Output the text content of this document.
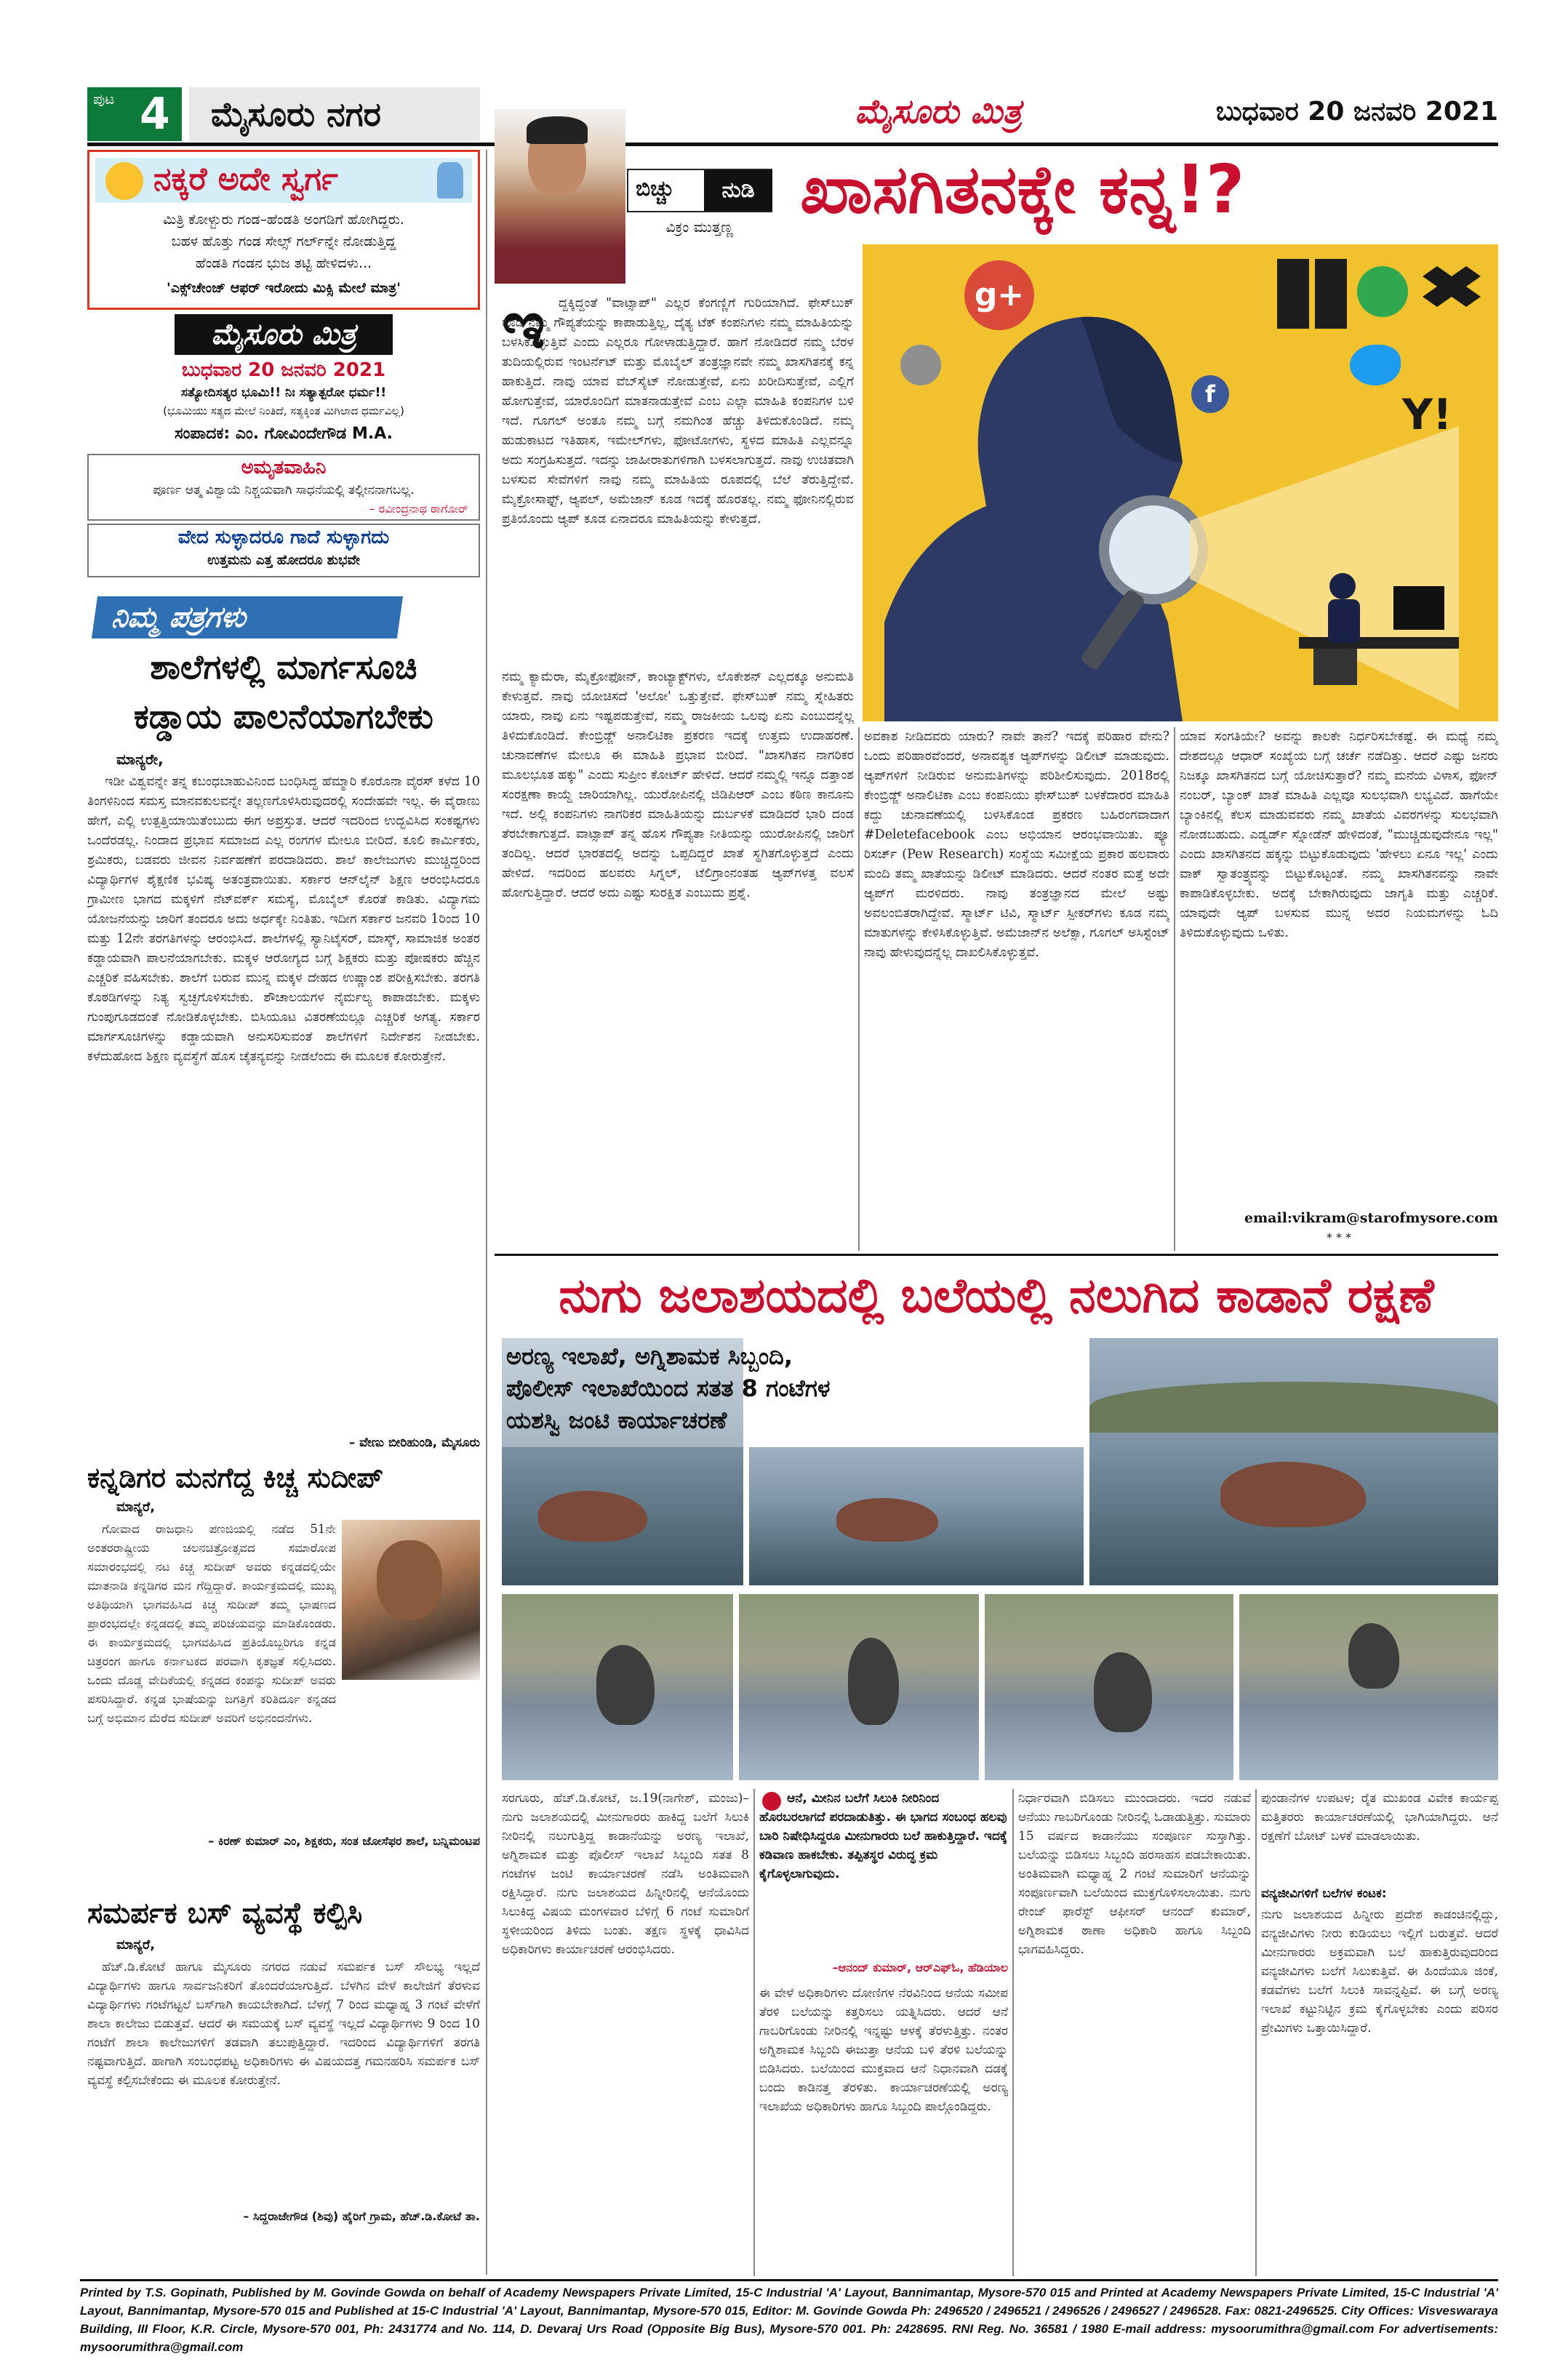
ಪುಟ 4	ಮೈಸೂರು ನಗರ	ಮೈಸೂರು ಮಿತ್ರ	ಬುಧವಾರ 20 ಜನವರಿ 2021
ನಕ್ಕರೆ ಅದೇ ಸ್ವರ್ಗ
ಮಿತ್ರಿ ಕೋಳ್ಬುರು ಗಂಡ–ಹೆಂಡತಿ ಅಂಗಡಿಗೆ ಹೋಗಿದ್ದರು.
ಬಹಳ ಹೊತ್ತು ಗಂಡ ಸೇಲ್ಸ್ ಗರ್ಲ್‌ನ್ನೇ ನೋಡುತ್ತಿದ್ದ
ಹೆಂಡತಿ ಗಂಡನ ಭುಜ ತಟ್ಟಿ ಹೇಳಿದಳು...
'ಎಕ್ಸ್‌ಚೇಂಜ್ ಆಫರ್ ಇರೋದು ಮಿಕ್ಸಿ ಮೇಲೆ ಮಾತ್ರ'
ಮೈಸೂರು ಮಿತ್ರ
ಬುಧವಾರ 20 ಜನವರಿ 2021
ಸತ್ಯೋದಿಸತ್ಯರ ಭೂಮಿ!! ನಿಃ ಸತ್ಯಾತ್ಪರೋ ಧರ್ಮ!!
(ಭೂಮಿಯು ಸತ್ಯದ ಮೇಲೆ ನಿಂತಿದೆ, ಸತ್ಯಕ್ಕಿಂತ ಮಿಗಿಲಾದ ಧರ್ಮವಿಲ್ಲ)
ಸಂಪಾದಕ: ಎಂ. ಗೋವಿಂದೇಗೌಡ M.A.
ಅಮೃತವಾಹಿನಿ
ಪೂರ್ಣ ಆತ್ಮ ವಿಶ್ವಾಯೆ ನಿಶ್ಚಯವಾಗಿ ಸಾಧನೆಯಲ್ಲಿ ತಲ್ಲೀನನಾಗಬಲ್ಲ.
– ರವೀಂದ್ರನಾಥ ಠಾಗೋರ್
ವೇದ ಸುಳ್ಳಾದರೂ ಗಾದೆ ಸುಳ್ಳಾಗದು
ಉತ್ತಮನು ಎತ್ತ ಹೋದರೂ ಶುಭವೇ
ನಿಮ್ಮ ಪತ್ರಗಳು
ಶಾಲೆಗಳಲ್ಲಿ ಮಾರ್ಗಸೂಚಿ
ಕಡ್ಡಾಯ ಪಾಲನೆಯಾಗಬೇಕು
ಮಾನ್ಯರೇ,
ಇಡೀ ವಿಶ್ವವನ್ನೇ ತನ್ನ ಕಬಂಧಬಾಹುವಿನಿಂದ ಬಂಧಿಸಿದ್ದ ಹೆಮ್ಮಾರಿ ಕೊರೊನಾ ವೈರಸ್ ಕಳೆದ 10 ತಿಂಗಳಿನಿಂದ ಸಮಸ್ತ ಮಾನವಕುಲವನ್ನೇ ತಲ್ಲಣಗೊಳಿಸಿರುವುದರಲ್ಲಿ ಸಂದೇಹವೇ ಇಲ್ಲ. ಈ ವೈರಾಣು ಹೇಗೆ, ಎಲ್ಲಿ ಉತ್ಪತ್ತಿಯಾಯಿತೆಂಬುದು ಈಗ ಅಪ್ರಸ್ತುತ. ಆದರೆ ಇದರಿಂದ ಉದ್ಭವಿಸಿದ ಸಂಕಷ್ಟಗಳು ಒಂದೆರಡಲ್ಲ. ನಿಂದಾದ ಪ್ರಭಾವ ಸಮಾಜದ ಎಲ್ಲ ರಂಗಗಳ ಮೇಲೂ ಬೀರಿದೆ. ಕೂಲಿ ಕಾರ್ಮಿಕರು, ಶ್ರಮಿಕರು, ಬಡವರು ಜೀವನ ನಿರ್ವಹಣೆಗೆ ಪರದಾಡಿದರು. ಶಾಲೆ ಕಾಲೇಜುಗಳು ಮುಚ್ಚಿದ್ದರಿಂದ ವಿದ್ಯಾರ್ಥಿಗಳ ಶೈಕ್ಷಣಿಕ ಭವಿಷ್ಯ ಅತಂತ್ರವಾಯಿತು. ಸರ್ಕಾರ ಆನ್‌ಲೈನ್ ಶಿಕ್ಷಣ ಆರಂಭಿಸಿದರೂ ಗ್ರಾಮೀಣ ಭಾಗದ ಮಕ್ಕಳಿಗೆ ನೆಟ್‌ವರ್ಕ್ ಸಮಸ್ಯೆ, ಮೊಬೈಲ್ ಕೊರತೆ ಕಾಡಿತು. ವಿದ್ಯಾಗಮ ಯೋಜನೆಯನ್ನು ಜಾರಿಗೆ ತಂದರೂ ಅದು ಅರ್ಧಕ್ಕೇ ನಿಂತಿತು. ಇದೀಗ ಸರ್ಕಾರ ಜನವರಿ 1ರಿಂದ 10 ಮತ್ತು 12ನೇ ತರಗತಿಗಳನ್ನು ಆರಂಭಿಸಿದೆ. ಶಾಲೆಗಳಲ್ಲಿ ಸ್ಯಾನಿಟೈಸರ್, ಮಾಸ್ಕ್, ಸಾಮಾಜಿಕ ಅಂತರ ಕಡ್ಡಾಯವಾಗಿ ಪಾಲನೆಯಾಗಬೇಕು. ಮಕ್ಕಳ ಆರೋಗ್ಯದ ಬಗ್ಗೆ ಶಿಕ್ಷಕರು ಮತ್ತು ಪೋಷಕರು ಹೆಚ್ಚಿನ ಎಚ್ಚರಿಕೆ ವಹಿಸಬೇಕು. ಶಾಲೆಗೆ ಬರುವ ಮುನ್ನ ಮಕ್ಕಳ ದೇಹದ ಉಷ್ಣಾಂಶ ಪರೀಕ್ಷಿಸಬೇಕು. ತರಗತಿ ಕೊಠಡಿಗಳನ್ನು ನಿತ್ಯ ಸ್ವಚ್ಛಗೊಳಿಸಬೇಕು. ಶೌಚಾಲಯಗಳ ನೈರ್ಮಲ್ಯ ಕಾಪಾಡಬೇಕು. ಮಕ್ಕಳು ಗುಂಪುಗೂಡದಂತೆ ನೋಡಿಕೊಳ್ಳಬೇಕು. ಬಿಸಿಯೂಟ ವಿತರಣೆಯಲ್ಲೂ ಎಚ್ಚರಿಕೆ ಅಗತ್ಯ. ಸರ್ಕಾರ ಮಾರ್ಗಸೂಚಿಗಳನ್ನು ಕಡ್ಡಾಯವಾಗಿ ಅನುಸರಿಸುವಂತೆ ಶಾಲೆಗಳಿಗೆ ನಿರ್ದೇಶನ ನೀಡಬೇಕು. ಕಳೆದುಹೋದ ಶಿಕ್ಷಣ ವ್ಯವಸ್ಥೆಗೆ ಹೊಸ ಚೈತನ್ಯವನ್ನು ನೀಡಲೆಂದು ಈ ಮೂಲಕ ಕೋರುತ್ತೇನೆ.
– ವೇಣು ಬೀರಿಹುಂಡಿ, ಮೈಸೂರು
ಕನ್ನಡಿಗರ ಮನಗೆದ್ದ ಕಿಚ್ಚ ಸುದೀಪ್
ಮಾನ್ಯರೆ,
ಗೋವಾದ ರಾಜಧಾನಿ ಪಣಜಿಯಲ್ಲಿ ನಡೆದ 51ನೇ ಅಂತರರಾಷ್ಟ್ರೀಯ ಚಲನಚಿತ್ರೋತ್ಸವದ ಸಮಾರೋಪ ಸಮಾರಂಭದಲ್ಲಿ ನಟ ಕಿಚ್ಚ ಸುದೀಪ್ ಅವರು ಕನ್ನಡದಲ್ಲಿಯೇ ಮಾತನಾಡಿ ಕನ್ನಡಿಗರ ಮನ ಗೆದ್ದಿದ್ದಾರೆ. ಕಾರ್ಯಕ್ರಮದಲ್ಲಿ ಮುಖ್ಯ ಅತಿಥಿಯಾಗಿ ಭಾಗವಹಿಸಿದ ಕಿಚ್ಚ ಸುದೀಪ್ ತಮ್ಮ ಭಾಷಣದ ಪ್ರಾರಂಭದಲ್ಲೇ ಕನ್ನಡದಲ್ಲಿ ತಮ್ಮ ಪರಿಚಯವನ್ನು ಮಾಡಿಕೊಂಡರು. ಈ ಕಾರ್ಯಕ್ರಮದಲ್ಲಿ ಭಾಗವಹಿಸಿದ ಪ್ರತಿಯೊಬ್ಬರಿಗೂ ಕನ್ನಡ ಚಿತ್ರರಂಗ ಹಾಗೂ ಕರ್ನಾಟಕದ ಪರವಾಗಿ ಕೃತಜ್ಞತೆ ಸಲ್ಲಿಸಿದರು. ಒಂದು ದೊಡ್ಡ ವೇದಿಕೆಯಲ್ಲಿ ಕನ್ನಡದ ಕಂಪನ್ನು ಸುದೀಪ್ ಅವರು ಪಸರಿಸಿದ್ದಾರೆ. ಕನ್ನಡ ಭಾಷೆಯನ್ನು ಜಗತ್ತಿಗೆ ಕರಿತಿರ್ದೂ ಕನ್ನಡದ ಬಗ್ಗೆ ಅಭಿಮಾನ ಮೆರೆದ ಸುದೀಪ್ ಅವರಿಗೆ ಅಭಿನಂದನೆಗಳು.
– ಕಿರಣ್ ಕುಮಾರ್ ಎಂ, ಶಿಕ್ಷಕರು, ಸಂತ ಜೋಸೆಫರ ಶಾಲೆ, ಬನ್ನಿಮಂಟಪ
ಸಮರ್ಪಕ ಬಸ್ ವ್ಯವಸ್ಥೆ ಕಲ್ಪಿಸಿ
ಮಾನ್ಯರೆ,
ಹೆಚ್.ಡಿ.ಕೋಟೆ ಹಾಗೂ ಮೈಸೂರು ನಗರದ ನಡುವೆ ಸಮರ್ಪಕ ಬಸ್ ಸೌಲಭ್ಯ ಇಲ್ಲದೆ ವಿದ್ಯಾರ್ಥಿಗಳು ಹಾಗೂ ಸಾರ್ವಜನಿಕರಿಗೆ ತೊಂದರೆಯಾಗುತ್ತಿದೆ. ಬೆಳಗಿನ ವೇಳೆ ಕಾಲೇಜಿಗೆ ತೆರಳುವ ವಿದ್ಯಾರ್ಥಿಗಳು ಗಂಟೆಗಟ್ಟಲೆ ಬಸ್‌ಗಾಗಿ ಕಾಯಬೇಕಾಗಿದೆ. ಬೆಳಗ್ಗೆ 7 ರಿಂದ ಮಧ್ಯಾಹ್ನ 3 ಗಂಟೆ ವೇಳೆಗೆ ಶಾಲಾ ಕಾಲೇಜು ಬಿಡುತ್ತವೆ. ಆದರೆ ಈ ಸಮಯಕ್ಕೆ ಬಸ್ ವ್ಯವಸ್ಥೆ ಇಲ್ಲದೆ ವಿದ್ಯಾರ್ಥಿಗಳು 9 ರಿಂದ 10 ಗಂಟೆಗೆ ಶಾಲಾ ಕಾಲೇಜುಗಳಿಗೆ ತಡವಾಗಿ ತಲುಪುತ್ತಿದ್ದಾರೆ. ಇದರಿಂದ ವಿದ್ಯಾರ್ಥಿಗಳಿಗೆ ತರಗತಿ ನಷ್ಟವಾಗುತ್ತಿದೆ. ಹಾಗಾಗಿ ಸಂಬಂಧಪಟ್ಟ ಅಧಿಕಾರಿಗಳು ಈ ವಿಷಯದತ್ತ ಗಮನಹರಿಸಿ ಸಮರ್ಪಕ ಬಸ್ ವ್ಯವಸ್ಥೆ ಕಲ್ಪಿಸಬೇಕೆಂದು ಈ ಮೂಲಕ ಕೋರುತ್ತೇನೆ.
– ಸಿದ್ದರಾಜೇಗೌಡ (ಶಿವು) ಹೈರಿಗೆ ಗ್ರಾಮ, ಹೆಚ್.ಡಿ.ಕೋಟೆ ತಾ.
ಬಿಚ್ಚು	ನುಡಿ
ವಿಕ್ರಂ ಮುತ್ತಣ್ಣ ಖಾಸಗಿತನಕ್ಕೇ ಕನ್ನ!?
g+
f	Y!
ಇ	ದ್ದಕ್ಕಿದ್ದಂತೆ "ವಾಟ್ಸಾಪ್" ಎಲ್ಲರ ಕೆಂಗಣ್ಣಿಗೆ ಗುರಿಯಾಗಿದೆ. ಫೇಸ್‌ಬುಕ್ ಕೂಡ ನಮ್ಮ ಗೌಪ್ಯತೆಯನ್ನು ಕಾಪಾಡುತ್ತಿಲ್ಲ, ದೈತ್ಯ ಟೆಕ್ ಕಂಪನಿಗಳು ನಮ್ಮ ಮಾಹಿತಿಯನ್ನು ಬಳಸಿಕೊಳ್ಳುತ್ತಿವೆ ಎಂದು ಎಲ್ಲರೂ ಗೋಳಾಡುತ್ತಿದ್ದಾರೆ. ಹಾಗೆ ನೋಡಿದರೆ ನಮ್ಮ ಬೆರಳ ತುದಿಯಲ್ಲಿರುವ ಇಂಟರ್ನೆಟ್ ಮತ್ತು ಮೊಬೈಲ್ ತಂತ್ರಜ್ಞಾನವೇ ನಮ್ಮ ಖಾಸಗಿತನಕ್ಕೆ ಕನ್ನ ಹಾಕುತ್ತಿದೆ. ನಾವು ಯಾವ ವೆಬ್‌ಸೈಟ್ ನೋಡುತ್ತೇವೆ, ಏನು ಖರೀದಿಸುತ್ತೇವೆ, ಎಲ್ಲಿಗೆ ಹೋಗುತ್ತೇವೆ, ಯಾರೊಂದಿಗೆ ಮಾತನಾಡುತ್ತೇವೆ ಎಂಬ ಎಲ್ಲಾ ಮಾಹಿತಿ ಕಂಪನಿಗಳ ಬಳಿ ಇದೆ. ಗೂಗಲ್ ಅಂತೂ ನಮ್ಮ ಬಗ್ಗೆ ನಮಗಿಂತ ಹೆಚ್ಚು ತಿಳಿದುಕೊಂಡಿದೆ. ನಮ್ಮ ಹುಡುಕಾಟದ ಇತಿಹಾಸ, ಇಮೇಲ್‌ಗಳು, ಫೋಟೋಗಳು, ಸ್ಥಳದ ಮಾಹಿತಿ ಎಲ್ಲವನ್ನೂ ಅದು ಸಂಗ್ರಹಿಸುತ್ತದೆ. ಇದನ್ನು ಜಾಹೀರಾತುಗಳಿಗಾಗಿ ಬಳಸಲಾಗುತ್ತದೆ. ನಾವು ಉಚಿತವಾಗಿ ಬಳಸುವ ಸೇವೆಗಳಿಗೆ ನಾವು ನಮ್ಮ ಮಾಹಿತಿಯ ರೂಪದಲ್ಲಿ ಬೆಲೆ ತೆರುತ್ತಿದ್ದೇವೆ. ಮೈಕ್ರೋಸಾಫ್ಟ್, ಆ್ಯಪಲ್, ಅಮೆಜಾನ್ ಕೂಡ ಇದಕ್ಕೆ ಹೊರತಲ್ಲ. ನಮ್ಮ ಫೋನಿನಲ್ಲಿರುವ ಪ್ರತಿಯೊಂದು ಆ್ಯಪ್ ಕೂಡ ಏನಾದರೂ ಮಾಹಿತಿಯನ್ನು ಕೇಳುತ್ತದೆ.
ನಮ್ಮ ಕ್ಯಾಮೆರಾ, ಮೈಕ್ರೋಫೋನ್, ಕಾಂಟ್ಯಾಕ್ಟ್‌ಗಳು, ಲೊಕೇಶನ್ ಎಲ್ಲದಕ್ಕೂ ಅನುಮತಿ ಕೇಳುತ್ತವೆ. ನಾವು ಯೋಚಿಸದೆ 'ಅಲೋ' ಒತ್ತುತ್ತೇವೆ. ಫೇಸ್‌ಬುಕ್ ನಮ್ಮ ಸ್ನೇಹಿತರು ಯಾರು, ನಾವು ಏನು ಇಷ್ಟಪಡುತ್ತೇವೆ, ನಮ್ಮ ರಾಜಕೀಯ ಒಲವು ಏನು ಎಂಬುದನ್ನೆಲ್ಲ ತಿಳಿದುಕೊಂಡಿದೆ. ಕೇಂಬ್ರಿಡ್ಜ್ ಅನಾಲಿಟಿಕಾ ಪ್ರಕರಣ ಇದಕ್ಕೆ ಉತ್ತಮ ಉದಾಹರಣೆ. ಚುನಾವಣೆಗಳ ಮೇಲೂ ಈ ಮಾಹಿತಿ ಪ್ರಭಾವ ಬೀರಿದೆ. "ಖಾಸಗಿತನ ನಾಗರಿಕರ ಮೂಲಭೂತ ಹಕ್ಕು" ಎಂದು ಸುಪ್ರೀಂ ಕೋರ್ಟ್ ಹೇಳಿದೆ. ಆದರೆ ನಮ್ಮಲ್ಲಿ ಇನ್ನೂ ದತ್ತಾಂಶ ಸಂರಕ್ಷಣಾ ಕಾಯ್ದೆ ಜಾರಿಯಾಗಿಲ್ಲ. ಯುರೋಪಿನಲ್ಲಿ ಜಿಡಿಪಿಆರ್ ಎಂಬ ಕಠಿಣ ಕಾನೂನು ಇದೆ. ಅಲ್ಲಿ ಕಂಪನಿಗಳು ನಾಗರಿಕರ ಮಾಹಿತಿಯನ್ನು ದುರ್ಬಳಕೆ ಮಾಡಿದರೆ ಭಾರಿ ದಂಡ ತೆರಬೇಕಾಗುತ್ತದೆ. ವಾಟ್ಸಾಪ್ ತನ್ನ ಹೊಸ ಗೌಪ್ಯತಾ ನೀತಿಯನ್ನು ಯುರೋಪಿನಲ್ಲಿ ಜಾರಿಗೆ ತಂದಿಲ್ಲ. ಆದರೆ ಭಾರತದಲ್ಲಿ ಅದನ್ನು ಒಪ್ಪದಿದ್ದರೆ ಖಾತೆ ಸ್ಥಗಿತಗೊಳ್ಳುತ್ತದೆ ಎಂದು ಹೇಳಿದೆ. ಇದರಿಂದ ಹಲವರು ಸಿಗ್ನಲ್, ಟೆಲಿಗ್ರಾಂನಂತಹ ಆ್ಯಪ್‌ಗಳತ್ತ ವಲಸೆ ಹೋಗುತ್ತಿದ್ದಾರೆ. ಆದರೆ ಅದು ಎಷ್ಟು ಸುರಕ್ಷಿತ ಎಂಬುದು ಪ್ರಶ್ನೆ.
ಅವಕಾಶ ನೀಡಿದವರು ಯಾರು? ನಾವೇ ತಾನೆ? ಇದಕ್ಕೆ ಪರಿಹಾರ ವೇನು? ಒಂದು ಪರಿಹಾರವೆಂದರೆ, ಅನಾವಶ್ಯಕ ಆ್ಯಪ್‌ಗಳನ್ನು ಡಿಲೀಟ್ ಮಾಡುವುದು. ಆ್ಯಪ್‌ಗಳಿಗೆ ನೀಡಿರುವ ಅನುಮತಿಗಳನ್ನು ಪರಿಶೀಲಿಸುವುದು. 2018ರಲ್ಲಿ ಕೇಂಬ್ರಿಡ್ಜ್ ಅನಾಲಿಟಿಕಾ ಎಂಬ ಕಂಪನಿಯು ಫೇಸ್‌ಬುಕ್ ಬಳಕೆದಾರರ ಮಾಹಿತಿ ಕದ್ದು ಚುನಾವಣೆಯಲ್ಲಿ ಬಳಸಿಕೊಂಡ ಪ್ರಕರಣ ಬಹಿರಂಗವಾದಾಗ #Deletefacebook ಎಂಬ ಅಭಿಯಾನ ಆರಂಭವಾಯಿತು. ಪ್ಯೂ ರಿಸರ್ಚ್ (Pew Research) ಸಂಸ್ಥೆಯ ಸಮೀಕ್ಷೆಯ ಪ್ರಕಾರ ಹಲವಾರು ಮಂದಿ ತಮ್ಮ ಖಾತೆಯನ್ನು ಡಿಲೀಟ್ ಮಾಡಿದರು. ಆದರೆ ನಂತರ ಮತ್ತೆ ಅದೇ ಆ್ಯಪ್‌ಗೆ ಮರಳಿದರು. ನಾವು ತಂತ್ರಜ್ಞಾನದ ಮೇಲೆ ಅಷ್ಟು ಅವಲಂಬಿತರಾಗಿದ್ದೇವೆ. ಸ್ಮಾರ್ಟ್ ಟಿವಿ, ಸ್ಮಾರ್ಟ್ ಸ್ಪೀಕರ್‌ಗಳು ಕೂಡ ನಮ್ಮ ಮಾತುಗಳನ್ನು ಕೇಳಿಸಿಕೊಳ್ಳುತ್ತಿವೆ. ಅಮೆಜಾನ್‌ನ ಅಲೆಕ್ಸಾ, ಗೂಗಲ್ ಅಸಿಸ್ಟೆಂಟ್ ನಾವು ಹೇಳುವುದನ್ನೆಲ್ಲ ದಾಖಲಿಸಿಕೊಳ್ಳುತ್ತವೆ.
ಯಾವ ಸಂಗತಿಯೇ? ಅವನ್ನು ಕಾಲಕೇ ನಿರ್ಧರಿಸಬೇಕಷ್ಟೆ. ಈ ಮಧ್ಯೆ ನಮ್ಮ ದೇಶದಲ್ಲೂ ಆಧಾರ್ ಸಂಖ್ಯೆಯ ಬಗ್ಗೆ ಚರ್ಚೆ ನಡೆದಿತ್ತು. ಆದರೆ ಎಷ್ಟು ಜನರು ನಿಜಕ್ಕೂ ಖಾಸಗಿತನದ ಬಗ್ಗೆ ಯೋಚಿಸುತ್ತಾರೆ? ನಮ್ಮ ಮನೆಯ ವಿಳಾಸ, ಫೋನ್ ನಂಬರ್, ಬ್ಯಾಂಕ್ ಖಾತೆ ಮಾಹಿತಿ ಎಲ್ಲವೂ ಸುಲಭವಾಗಿ ಲಭ್ಯವಿದೆ. ಹಾಗೆಯೇ ಬ್ಯಾಂಕಿನಲ್ಲಿ ಕೆಲಸ ಮಾಡುವವರು ನಮ್ಮ ಖಾತೆಯ ವಿವರಗಳನ್ನು ಸುಲಭವಾಗಿ ನೋಡಬಹುದು. ಎಡ್ವರ್ಡ್ ಸ್ನೋಡೆನ್ ಹೇಳಿದಂತೆ, "ಮುಚ್ಚಿಡುವುದೇನೂ ಇಲ್ಲ" ಎಂದು ಖಾಸಗಿತನದ ಹಕ್ಕನ್ನು ಬಿಟ್ಟುಕೊಡುವುದು 'ಹೇಳಲು ಏನೂ ಇಲ್ಲ' ಎಂದು ವಾಕ್ ಸ್ವಾತಂತ್ರ್ಯವನ್ನು ಬಿಟ್ಟುಕೊಟ್ಟಂತೆ. ನಮ್ಮ ಖಾಸಗಿತನವನ್ನು ನಾವೇ ಕಾಪಾಡಿಕೊಳ್ಳಬೇಕು. ಅದಕ್ಕೆ ಬೇಕಾಗಿರುವುದು ಜಾಗೃತಿ ಮತ್ತು ಎಚ್ಚರಿಕೆ. ಯಾವುದೇ ಆ್ಯಪ್ ಬಳಸುವ ಮುನ್ನ ಅದರ ನಿಯಮಗಳನ್ನು ಓದಿ ತಿಳಿದುಕೊಳ್ಳುವುದು ಒಳಿತು.
email:vikram@starofmysore.com
* * *
ನುಗು ಜಲಾಶಯದಲ್ಲಿ ಬಲೆಯಲ್ಲಿ ನಲುಗಿದ ಕಾಡಾನೆ ರಕ್ಷಣೆ
ಅರಣ್ಯ ಇಲಾಖೆ, ಅಗ್ನಿಶಾಮಕ ಸಿಬ್ಬಂದಿ,
ಪೊಲೀಸ್ ಇಲಾಖೆಯಿಂದ ಸತತ 8 ಗಂಟೆಗಳ
ಯಶಸ್ವಿ ಜಂಟಿ ಕಾರ್ಯಾಚರಣೆ
ಸರಗೂರು, ಹೆಚ್.ಡಿ.ಕೋಟೆ, ಜ.19(ನಾಗೇಶ್, ಮಂಜು)– ನುಗು ಜಲಾಶಯದಲ್ಲಿ ಮೀನುಗಾರರು ಹಾಕಿದ್ದ ಬಲೆಗೆ ಸಿಲುಕಿ ನೀರಿನಲ್ಲಿ ನಲುಗುತ್ತಿದ್ದ ಕಾಡಾನೆಯನ್ನು ಅರಣ್ಯ ಇಲಾಖೆ, ಅಗ್ನಿಶಾಮಕ ಮತ್ತು ಪೊಲೀಸ್ ಇಲಾಖೆ ಸಿಬ್ಬಂದಿ ಸತತ 8 ಗಂಟೆಗಳ ಜಂಟಿ ಕಾರ್ಯಾಚರಣೆ ನಡೆಸಿ ಅಂತಿಮವಾಗಿ ರಕ್ಷಿಸಿದ್ದಾರೆ. ನುಗು ಜಲಾಶಯದ ಹಿನ್ನೀರಿನಲ್ಲಿ ಆನೆಯೊಂದು ಸಿಲುಕಿದ್ದ ವಿಷಯ ಮಂಗಳವಾರ ಬೆಳಿಗ್ಗೆ 6 ಗಂಟೆ ಸುಮಾರಿಗೆ ಸ್ಥಳೀಯರಿಂದ ತಿಳಿದು ಬಂತು. ತಕ್ಷಣ ಸ್ಥಳಕ್ಕೆ ಧಾವಿಸಿದ ಅಧಿಕಾರಿಗಳು ಕಾರ್ಯಾಚರಣೆ ಆರಂಭಿಸಿದರು.
ಆನೆ, ಮೀನಿನ ಬಲೆಗೆ ಸಿಲುಕಿ ನೀರಿನಿಂದ ಹೊರಬರಲಾಗದೆ ಪರದಾಡುತಿತ್ತು. ಈ ಭಾಗದ ಸಂಬಂಧ ಹಲವು ಬಾರಿ ನಿಷೇಧಿಸಿದ್ದರೂ ಮೀನುಗಾರರು ಬಲೆ ಹಾಕುತ್ತಿದ್ದಾರೆ. ಇದಕ್ಕೆ ಕಡಿವಾಣ ಹಾಕಬೇಕು. ತಪ್ಪಿತಸ್ಥರ ವಿರುದ್ಧ ಕ್ರಮ ಕೈಗೊಳ್ಳಲಾಗುವುದು.
–ಆನಂದ್ ಕುಮಾರ್, ಆರ್‌ಎಫ್‌ಓ, ಹೆಡಿಯಾಲ
ಈ ವೇಳೆ ಅಧಿಕಾರಿಗಳು ದೋಣಿಗಳ ನೆರವಿನಿಂದ ಆನೆಯ ಸಮೀಪ ತೆರಳಿ ಬಲೆಯನ್ನು ಕತ್ತರಿಸಲು ಯತ್ನಿಸಿದರು. ಆದರೆ ಆನೆ ಗಾಬರಿಗೊಂಡು ನೀರಿನಲ್ಲಿ ಇನ್ನಷ್ಟು ಆಳಕ್ಕೆ ತೆರಳುತ್ತಿತ್ತು. ನಂತರ ಅಗ್ನಿಶಾಮಕ ಸಿಬ್ಬಂದಿ ಈಜುತ್ತಾ ಆನೆಯ ಬಳಿ ತೆರಳಿ ಬಲೆಯನ್ನು ಬಿಡಿಸಿದರು. ಬಲೆಯಿಂದ ಮುಕ್ತವಾದ ಆನೆ ನಿಧಾನವಾಗಿ ದಡಕ್ಕೆ ಬಂದು ಕಾಡಿನತ್ತ ತೆರಳಿತು. ಕಾರ್ಯಾಚರಣೆಯಲ್ಲಿ ಅರಣ್ಯ ಇಲಾಖೆಯ ಅಧಿಕಾರಿಗಳು ಹಾಗೂ ಸಿಬ್ಬಂದಿ ಪಾಲ್ಗೊಂಡಿದ್ದರು.
ನಿರ್ಧಾರವಾಗಿ ಬಿಡಿಸಲು ಮುಂದಾದರು. ಇದರ ನಡುವೆ ಆನೆಯು ಗಾಬರಿಗೊಂಡು ನೀರಿನಲ್ಲಿ ಓಡಾಡುತ್ತಿತ್ತು. ಸುಮಾರು 15 ವರ್ಷದ ಕಾಡಾನೆಯು ಸಂಪೂರ್ಣ ಸುಸ್ತಾಗಿತ್ತು. ಬಲೆಯನ್ನು ಬಿಡಿಸಲು ಸಿಬ್ಬಂದಿ ಹರಸಾಹಸ ಪಡಬೇಕಾಯಿತು. ಅಂತಿಮವಾಗಿ ಮಧ್ಯಾಹ್ನ 2 ಗಂಟೆ ಸುಮಾರಿಗೆ ಆನೆಯನ್ನು ಸಂಪೂರ್ಣವಾಗಿ ಬಲೆಯಿಂದ ಮುಕ್ತಗೊಳಿಸಲಾಯಿತು. ನುಗು ರೇಂಜ್ ಫಾರೆಸ್ಟ್ ಆಫೀಸರ್ ಆನಂದ್ ಕುಮಾರ್, ಅಗ್ನಿಶಾಮಕ ಠಾಣಾ ಅಧಿಕಾರಿ ಹಾಗೂ ಸಿಬ್ಬಂದಿ ಭಾಗವಹಿಸಿದ್ದರು.
ಪುಂಡಾನೆಗಳ ಉಪಟಳ; ರೈತ ಮುಖಂಡ ವಿವೇಕ ಕಾರ್ಯಪ್ಪ ಮತ್ತಿತರರು ಕಾರ್ಯಾಚರಣೆಯಲ್ಲಿ ಭಾಗಿಯಾಗಿದ್ದರು. ಆನೆ ರಕ್ಷಣೆಗೆ ಬೋಟ್ ಬಳಕೆ ಮಾಡಲಾಯಿತು.
ವನ್ಯಜೀವಿಗಳಿಗೆ ಬಲೆಗಳ ಕಂಟಕ:
ನುಗು ಜಲಾಶಯದ ಹಿನ್ನೀರು ಪ್ರದೇಶ ಕಾಡಂಚಿನಲ್ಲಿದ್ದು, ವನ್ಯಜೀವಿಗಳು ನೀರು ಕುಡಿಯಲು ಇಲ್ಲಿಗೆ ಬರುತ್ತವೆ. ಆದರೆ ಮೀನುಗಾರರು ಅಕ್ರಮವಾಗಿ ಬಲೆ ಹಾಕುತ್ತಿರುವುದರಿಂದ ವನ್ಯಜೀವಿಗಳು ಬಲೆಗೆ ಸಿಲುಕುತ್ತಿವೆ. ಈ ಹಿಂದೆಯೂ ಜಿಂಕೆ, ಕಡವೆಗಳು ಬಲೆಗೆ ಸಿಲುಕಿ ಸಾವನ್ನಪ್ಪಿವೆ. ಈ ಬಗ್ಗೆ ಅರಣ್ಯ ಇಲಾಖೆ ಕಟ್ಟುನಿಟ್ಟಿನ ಕ್ರಮ ಕೈಗೊಳ್ಳಬೇಕು ಎಂದು ಪರಿಸರ ಪ್ರೇಮಿಗಳು ಒತ್ತಾಯಿಸಿದ್ದಾರೆ.
Printed by T.S. Gopinath, Published by M. Govinde Gowda on behalf of Academy Newspapers Private Limited, 15-C Industrial 'A' Layout, Bannimantap, Mysore-570 015 and Printed at Academy Newspapers Private Limited, 15-C Industrial 'A' Layout, Bannimantap, Mysore-570 015 and Published at 15-C Industrial 'A' Layout, Bannimantap, Mysore-570 015, Editor: M. Govinde Gowda Ph: 2496520 / 2496521 / 2496526 / 2496527 / 2496528. Fax: 0821-2496525. City Offices: Visveswaraya Building, III Floor, K.R. Circle, Mysore-570 001, Ph: 2431774 and No. 114, D. Devaraj Urs Road (Opposite Big Bus), Mysore-570 001. Ph: 2428695. RNI Reg. No. 36581 / 1980 E-mail address: mysoorumithra@gmail.com For advertisements: mysoorumithra@gmail.com
